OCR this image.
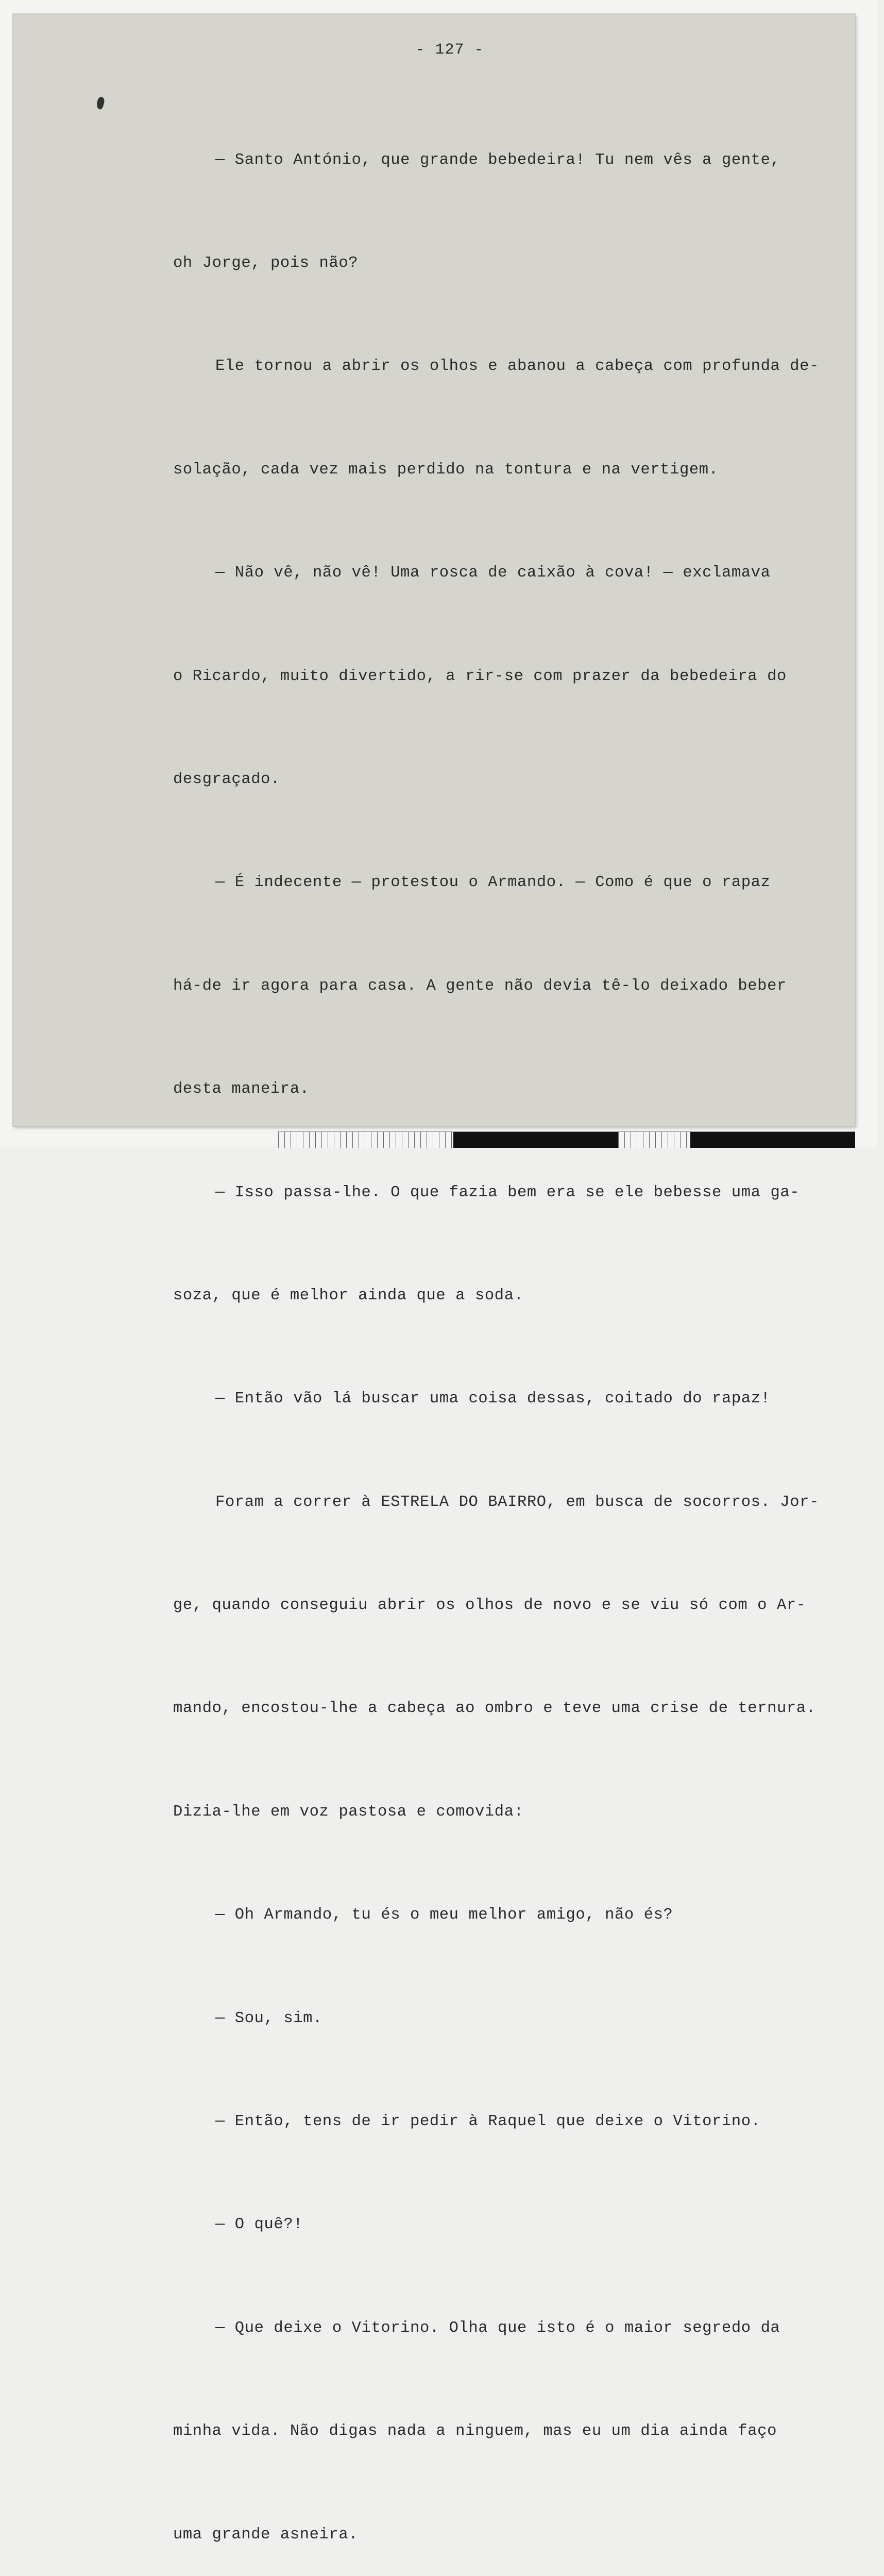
- 127 -

— Santo António, que grande bebedeira! Tu nem vês a gente,

oh Jorge, pois não?

Ele tornou a abrir os olhos e abanou a cabeça com profunda de-

solação, cada vez mais perdido na tontura e na vertigem.

— Não vê, não vê! Uma rosca de caixão à cova! — exclamava

o Ricardo, muito divertido, a rir-se com prazer da bebedeira do

desgraçado.

— É indecente — protestou o Armando. — Como é que o rapaz

há-de ir agora para casa. A gente não devia tê-lo deixado beber

desta maneira.

— Isso passa-lhe. O que fazia bem era se ele bebesse uma ga-

soza, que é melhor ainda que a soda.

— Então vão lá buscar uma coisa dessas, coitado do rapaz!

Foram a correr à ESTRELA DO BAIRRO, em busca de socorros. Jor-

ge, quando conseguiu abrir os olhos de novo e se viu só com o Ar-

mando, encostou-lhe a cabeça ao ombro e teve uma crise de ternura.

Dizia-lhe em voz pastosa e comovida:

— Oh Armando, tu és o meu melhor amigo, não és?

— Sou, sim.

— Então, tens de ir pedir à Raquel que deixe o Vitorino.

— O quê?!

— Que deixe o Vitorino. Olha que isto é o maior segredo da

minha vida. Não digas nada a ninguem, mas eu um dia ainda faço

uma grande asneira.
